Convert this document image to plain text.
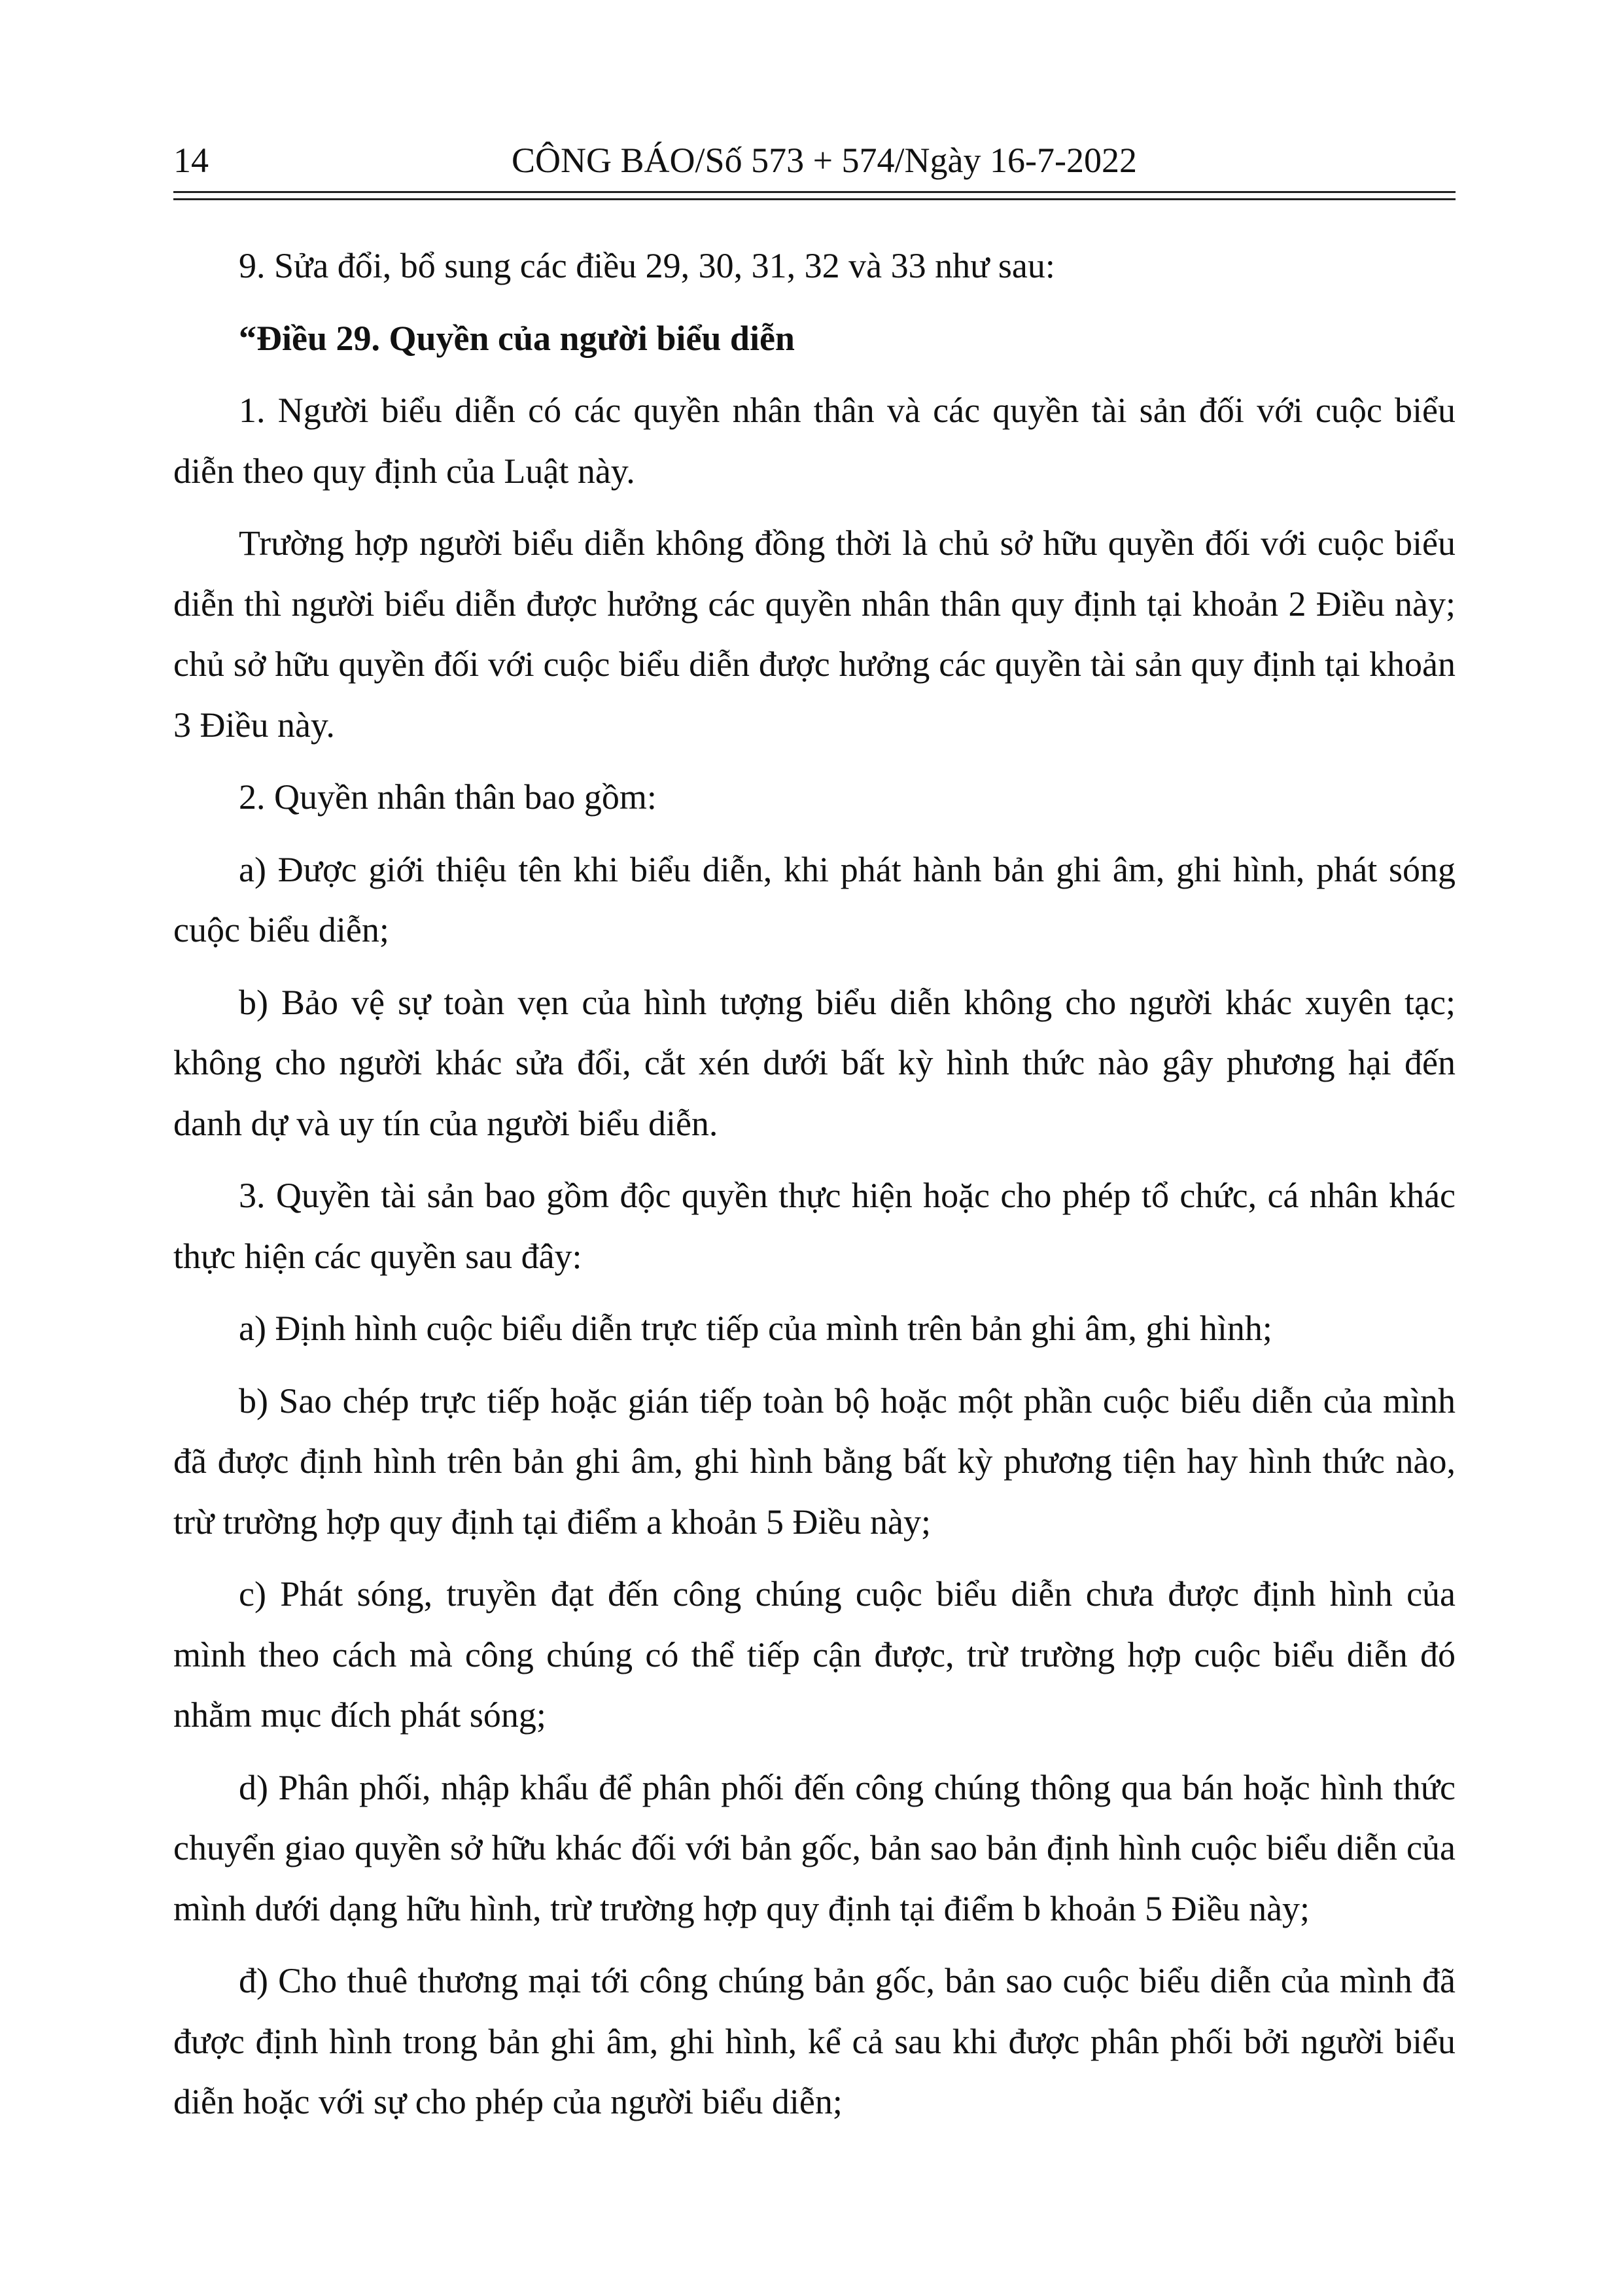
14	CÔNG BÁO/Số 573 + 574/Ngày 16-7-2022

9. Sửa đổi, bổ sung các điều 29, 30, 31, 32 và 33 như sau:

“Điều 29. Quyền của người biểu diễn

1. Người biểu diễn có các quyền nhân thân và các quyền tài sản đối với cuộc biểu diễn theo quy định của Luật này.

Trường hợp người biểu diễn không đồng thời là chủ sở hữu quyền đối với cuộc biểu diễn thì người biểu diễn được hưởng các quyền nhân thân quy định tại khoản 2 Điều này; chủ sở hữu quyền đối với cuộc biểu diễn được hưởng các quyền tài sản quy định tại khoản 3 Điều này.

2. Quyền nhân thân bao gồm:

a) Được giới thiệu tên khi biểu diễn, khi phát hành bản ghi âm, ghi hình, phát sóng cuộc biểu diễn;

b) Bảo vệ sự toàn vẹn của hình tượng biểu diễn không cho người khác xuyên tạc; không cho người khác sửa đổi, cắt xén dưới bất kỳ hình thức nào gây phương hại đến danh dự và uy tín của người biểu diễn.

3. Quyền tài sản bao gồm độc quyền thực hiện hoặc cho phép tổ chức, cá nhân khác thực hiện các quyền sau đây:

a) Định hình cuộc biểu diễn trực tiếp của mình trên bản ghi âm, ghi hình;

b) Sao chép trực tiếp hoặc gián tiếp toàn bộ hoặc một phần cuộc biểu diễn của mình đã được định hình trên bản ghi âm, ghi hình bằng bất kỳ phương tiện hay hình thức nào, trừ trường hợp quy định tại điểm a khoản 5 Điều này;

c) Phát sóng, truyền đạt đến công chúng cuộc biểu diễn chưa được định hình của mình theo cách mà công chúng có thể tiếp cận được, trừ trường hợp cuộc biểu diễn đó nhằm mục đích phát sóng;

d) Phân phối, nhập khẩu để phân phối đến công chúng thông qua bán hoặc hình thức chuyển giao quyền sở hữu khác đối với bản gốc, bản sao bản định hình cuộc biểu diễn của mình dưới dạng hữu hình, trừ trường hợp quy định tại điểm b khoản 5 Điều này;

đ) Cho thuê thương mại tới công chúng bản gốc, bản sao cuộc biểu diễn của mình đã được định hình trong bản ghi âm, ghi hình, kể cả sau khi được phân phối bởi người biểu diễn hoặc với sự cho phép của người biểu diễn;
